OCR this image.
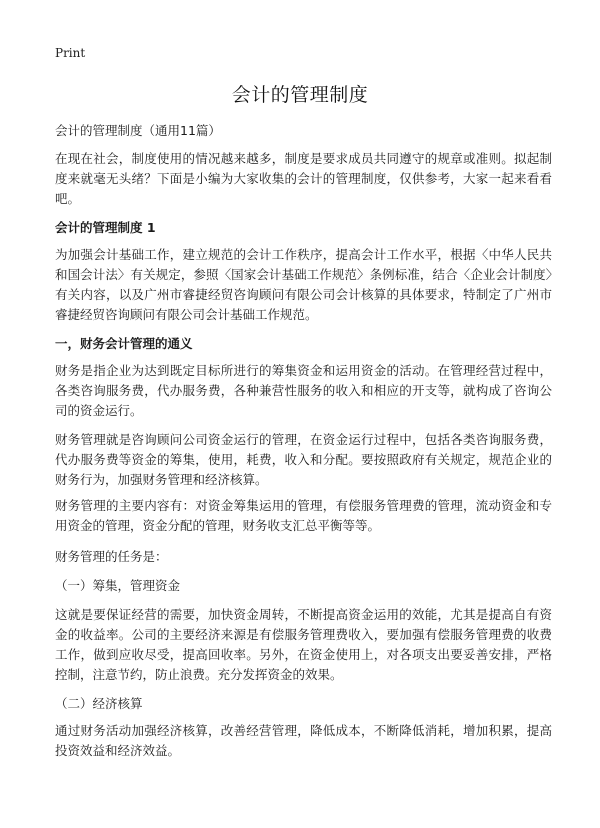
Print
会计的管理制度

会计的管理制度（通用11篇）

在现在社会，制度使用的情况越来越多，制度是要求成员共同遵守的规章或准则。拟起制度来就毫无头绪？下面是小编为大家收集的会计的管理制度，仅供参考，大家一起来看看吧。

会计的管理制度 1

为加强会计基础工作，建立规范的会计工作秩序，提高会计工作水平，根据〈中华人民共和国会计法〉有关规定，参照〈国家会计基础工作规范〉条例标准，结合〈企业会计制度〉有关内容，以及广州市睿捷经贸咨询顾问有限公司会计核算的具体要求，特制定了广州市睿捷经贸咨询顾问有限公司会计基础工作规范。

一，财务会计管理的通义

财务是指企业为达到既定目标所进行的筹集资金和运用资金的活动。在管理经营过程中，各类咨询服务费，代办服务费，各种兼营性服务的收入和相应的开支等，就构成了咨询公司的资金运行。

财务管理就是咨询顾问公司资金运行的管理，在资金运行过程中，包括各类咨询服务费，代办服务费等资金的筹集，使用，耗费，收入和分配。要按照政府有关规定，规范企业的财务行为，加强财务管理和经济核算。

财务管理的主要内容有：对资金筹集运用的管理，有偿服务管理费的管理，流动资金和专用资金的管理，资金分配的管理，财务收支汇总平衡等等。

财务管理的任务是：

（一）筹集，管理资金

这就是要保证经营的需要，加快资金周转，不断提高资金运用的效能，尤其是提高自有资金的收益率。公司的主要经济来源是有偿服务管理费收入，要加强有偿服务管理费的收费工作，做到应收尽受，提高回收率。另外，在资金使用上，对各项支出要妥善安排，严格控制，注意节约，防止浪费。充分发挥资金的效果。

（二）经济核算

通过财务活动加强经济核算，改善经营管理，降低成本，不断降低消耗，增加积累，提高投资效益和经济效益。
